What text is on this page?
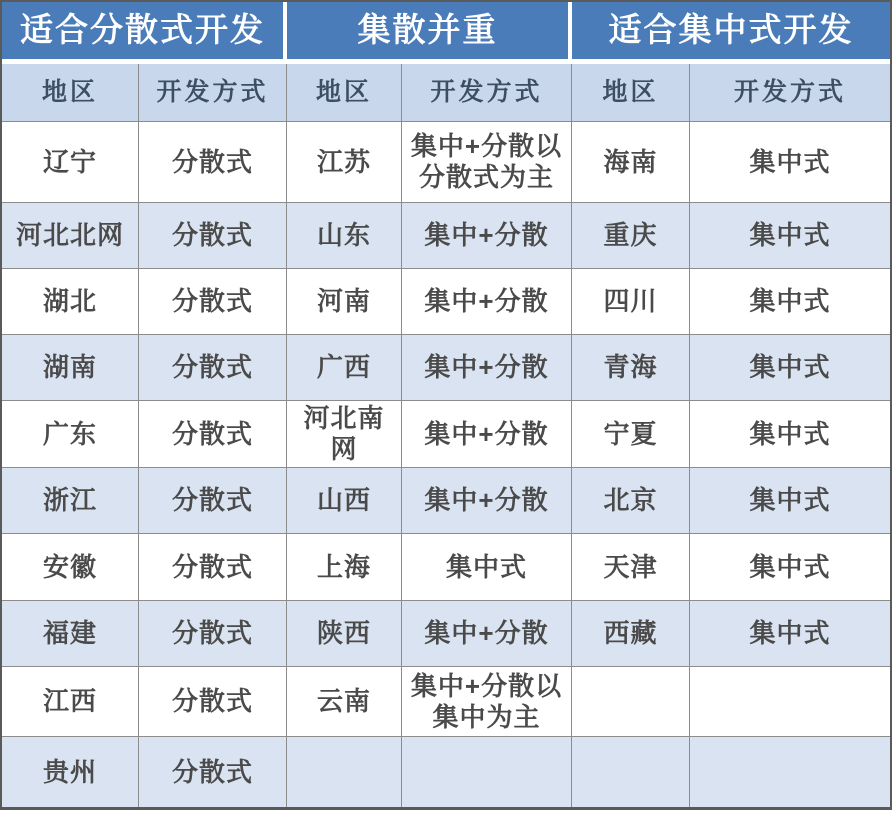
适合分散式开发		集散并重		适合集中式开发	
地区	开发方式	地区	开发方式	地区	开发方式
辽宁	分散式	江苏	集中+分散以分散式为主	海南	集中式
河北北网	分散式	山东	集中+分散	重庆	集中式
湖北	分散式	河南	集中+分散	四川	集中式
湖南	分散式	广西	集中+分散	青海	集中式
广东	分散式	河北南网	集中+分散	宁夏	集中式
浙江	分散式	山西	集中+分散	北京	集中式
安徽	分散式	上海	集中式	天津	集中式
福建	分散式	陕西	集中+分散	西藏	集中式
江西	分散式	云南	集中+分散以集中为主		
贵州	分散式				
